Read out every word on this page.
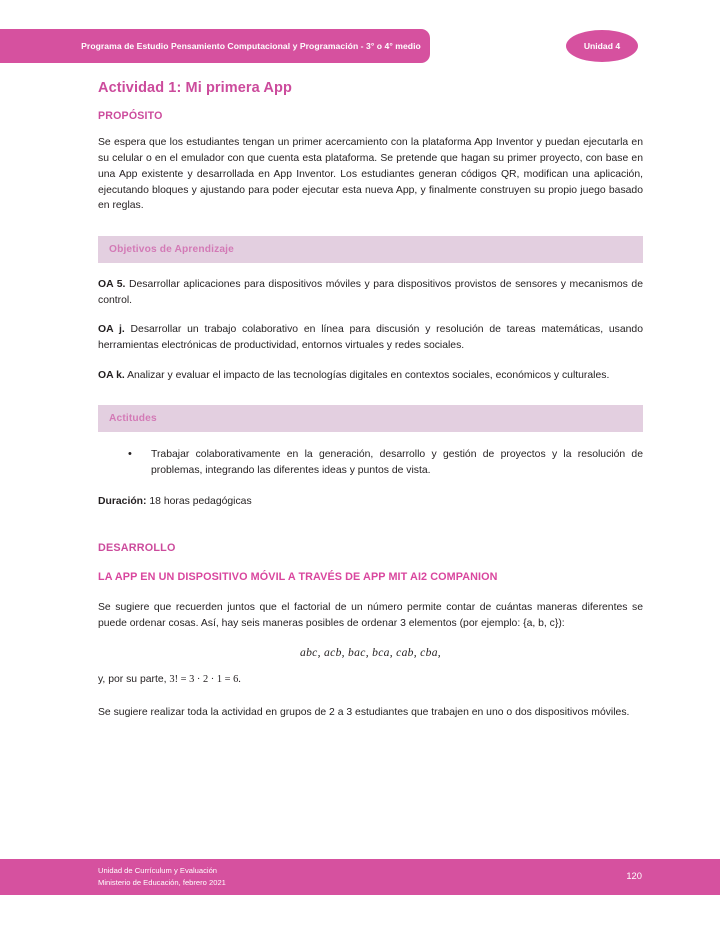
Programa de Estudio Pensamiento Computacional y Programación - 3° o 4° medio	Unidad 4
Actividad 1: Mi primera App
PROPÓSITO

Se espera que los estudiantes tengan un primer acercamiento con la plataforma App Inventor y puedan ejecutarla en su celular o en el emulador con que cuenta esta plataforma. Se pretende que hagan su primer proyecto, con base en una App existente y desarrollada en App Inventor. Los estudiantes generan códigos QR, modifican una aplicación, ejecutando bloques y ajustando para poder ejecutar esta nueva App, y finalmente construyen su propio juego basado en reglas.

Objetivos de Aprendizaje

OA 5. Desarrollar aplicaciones para dispositivos móviles y para dispositivos provistos de sensores y mecanismos de control.

OA j. Desarrollar un trabajo colaborativo en línea para discusión y resolución de tareas matemáticas, usando herramientas electrónicas de productividad, entornos virtuales y redes sociales.

OA k. Analizar y evaluar el impacto de las tecnologías digitales en contextos sociales, económicos y culturales.

Actitudes
• Trabajar colaborativamente en la generación, desarrollo y gestión de proyectos y la resolución de problemas, integrando las diferentes ideas y puntos de vista.

Duración: 18 horas pedagógicas

DESARROLLO
LA APP EN UN DISPOSITIVO MÓVIL A TRAVÉS DE APP MIT AI2 COMPANION

Se sugiere que recuerden juntos que el factorial de un número permite contar de cuántas maneras diferentes se puede ordenar cosas. Así, hay seis maneras posibles de ordenar 3 elementos (por ejemplo: {a, b, c}):

abc, acb, bac, bca, cab, cba,

y, por su parte, 3! = 3 · 2 · 1 = 6.

Se sugiere realizar toda la actividad en grupos de 2 a 3 estudiantes que trabajen en uno o dos dispositivos móviles.

Unidad de Currículum y Evaluación
Ministerio de Educación, febrero 2021
120
